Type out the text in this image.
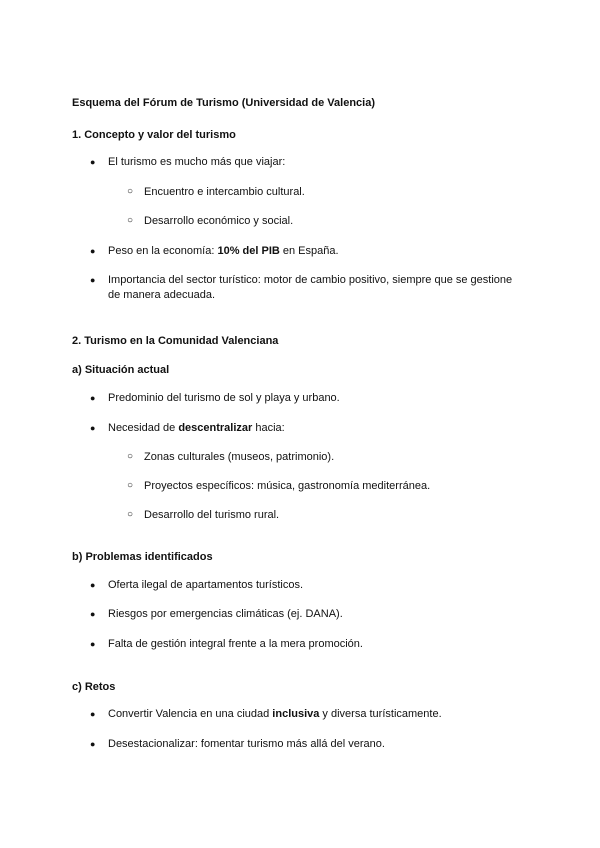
Esquema del Fórum de Turismo (Universidad de Valencia)
1. Concepto y valor del turismo
● El turismo es mucho más que viajar:
○ Encuentro e intercambio cultural.
○ Desarrollo económico y social.
● Peso en la economía: 10% del PIB en España.
● Importancia del sector turístico: motor de cambio positivo, siempre que se gestione
de manera adecuada.
2. Turismo en la Comunidad Valenciana
a) Situación actual
● Predominio del turismo de sol y playa y urbano.
● Necesidad de descentralizar hacia:
○ Zonas culturales (museos, patrimonio).
○ Proyectos específicos: música, gastronomía mediterránea.
○ Desarrollo del turismo rural.
b) Problemas identificados
● Oferta ilegal de apartamentos turísticos.
● Riesgos por emergencias climáticas (ej. DANA).
● Falta de gestión integral frente a la mera promoción.
c) Retos
● Convertir Valencia en una ciudad inclusiva y diversa turísticamente.
● Desestacionalizar: fomentar turismo más allá del verano.
